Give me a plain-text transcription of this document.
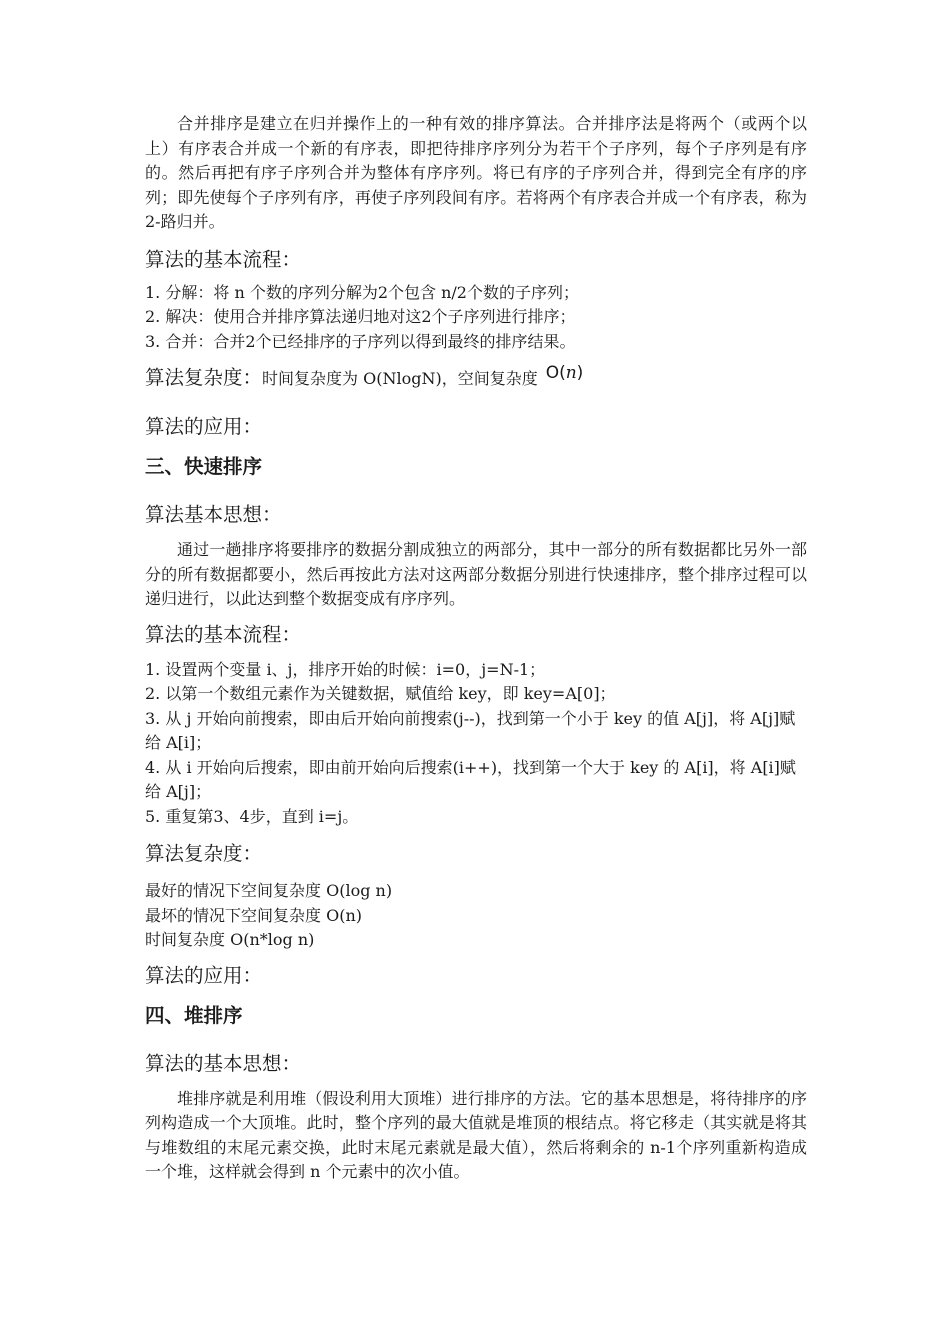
合并排序是建立在归并操作上的一种有效的排序算法。合并排序法是将两个（或两个以上）有序表合并成一个新的有序表，即把待排序序列分为若干个子序列，每个子序列是有序的。然后再把有序子序列合并为整体有序序列。将已有序的子序列合并，得到完全有序的序列；即先使每个子序列有序，再使子序列段间有序。若将两个有序表合并成一个有序表，称为2-路归并。

算法的基本流程：

1. 分解：将 n 个数的序列分解为2个包含 n/2个数的子序列；
2. 解决：使用合并排序算法递归地对这2个子序列进行排序；
3. 合并：合并2个已经排序的子序列以得到最终的排序结果。
算法复杂度： 时间复杂度为 O(NlogN)，空间复杂度 O(n)

算法的应用：

三、快速排序

算法基本思想：

通过一趟排序将要排序的数据分割成独立的两部分，其中一部分的所有数据都比另外一部分的所有数据都要小，然后再按此方法对这两部分数据分别进行快速排序，整个排序过程可以递归进行，以此达到整个数据变成有序序列。

算法的基本流程：

1. 设置两个变量 i、j，排序开始的时候：i=0，j=N-1；
2. 以第一个数组元素作为关键数据，赋值给 key，即 key=A[0]；
3. 从 j 开始向前搜索，即由后开始向前搜索(j--)，找到第一个小于 key 的值 A[j]，将 A[j]赋给 A[i]；
4. 从 i 开始向后搜索，即由前开始向后搜索(i++)，找到第一个大于 key 的 A[i]，将 A[i]赋给 A[j]；
5. 重复第3、4步，直到 i=j。

算法复杂度：

最好的情况下空间复杂度 O(log n)

最坏的情况下空间复杂度 O(n)

时间复杂度 O(n*log n)

算法的应用：

四、堆排序

算法的基本思想：

堆排序就是利用堆（假设利用大顶堆）进行排序的方法。它的基本思想是，将待排序的序列构造成一个大顶堆。此时，整个序列的最大值就是堆顶的根结点。将它移走（其实就是将其与堆数组的末尾元素交换，此时末尾元素就是最大值），然后将剩余的 n-1个序列重新构造成一个堆，这样就会得到 n 个元素中的次小值。
